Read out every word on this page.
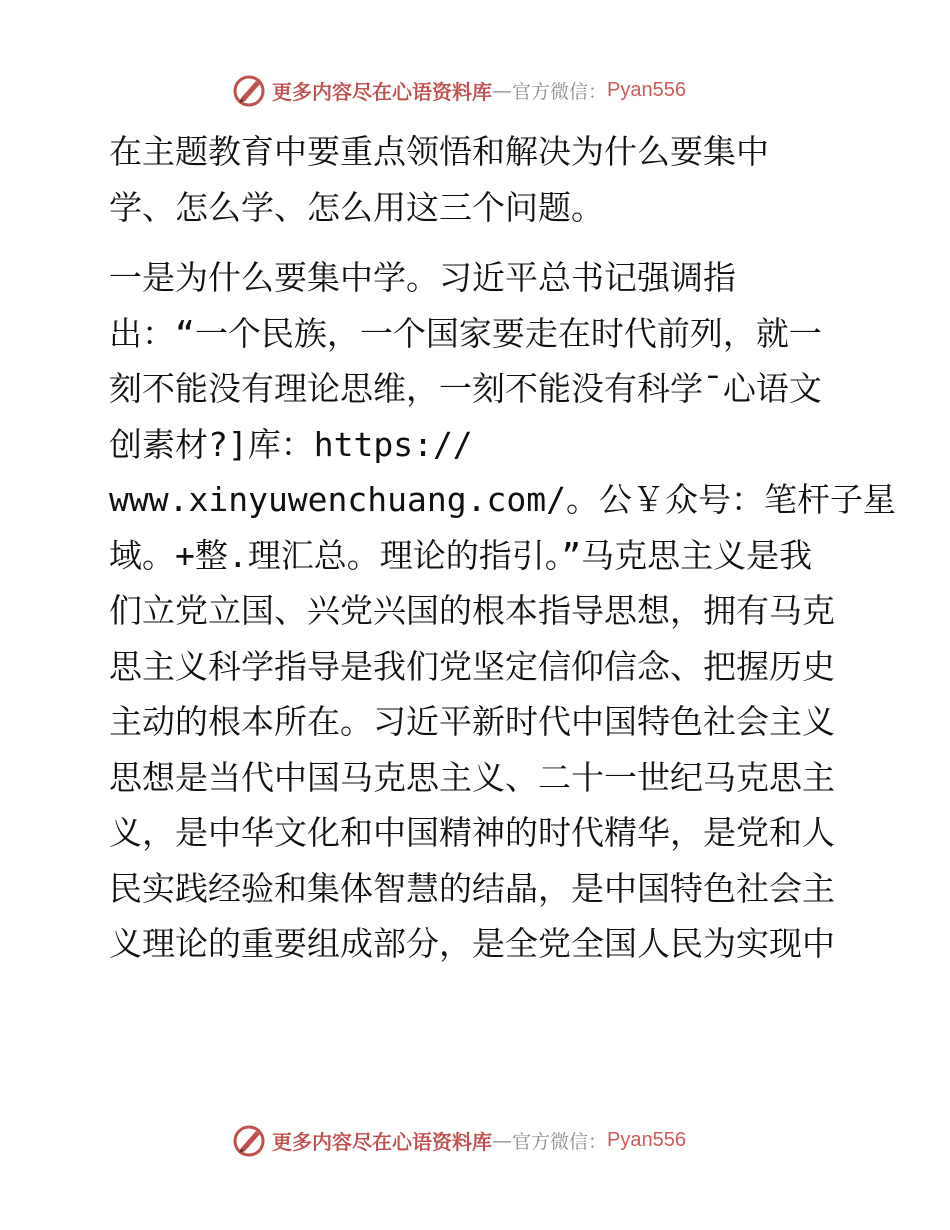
更多内容尽在心语资料库 — 官方微信： Pyan556

在主题教育中要重点领悟和解决为什么要集中
学、怎么学、怎么用这三个问题。

一是为什么要集中学。习近平总书记强调指
出：“一个民族，一个国家要走在时代前列，就一
刻不能没有理论思维，一刻不能没有科学¯心语文
创素材?]库：https://
www.xinyuwenchuang.com/。公￥众号：笔杆子星
域。+整.理汇总。理论的指引。”马克思主义是我
们立党立国、兴党兴国的根本指导思想，拥有马克
思主义科学指导是我们党坚定信仰信念、把握历史
主动的根本所在。习近平新时代中国特色社会主义
思想是当代中国马克思主义、二十一世纪马克思主
义，是中华文化和中国精神的时代精华，是党和人
民实践经验和集体智慧的结晶，是中国特色社会主
义理论的重要组成部分，是全党全国人民为实现中

更多内容尽在心语资料库 — 官方微信： Pyan556
